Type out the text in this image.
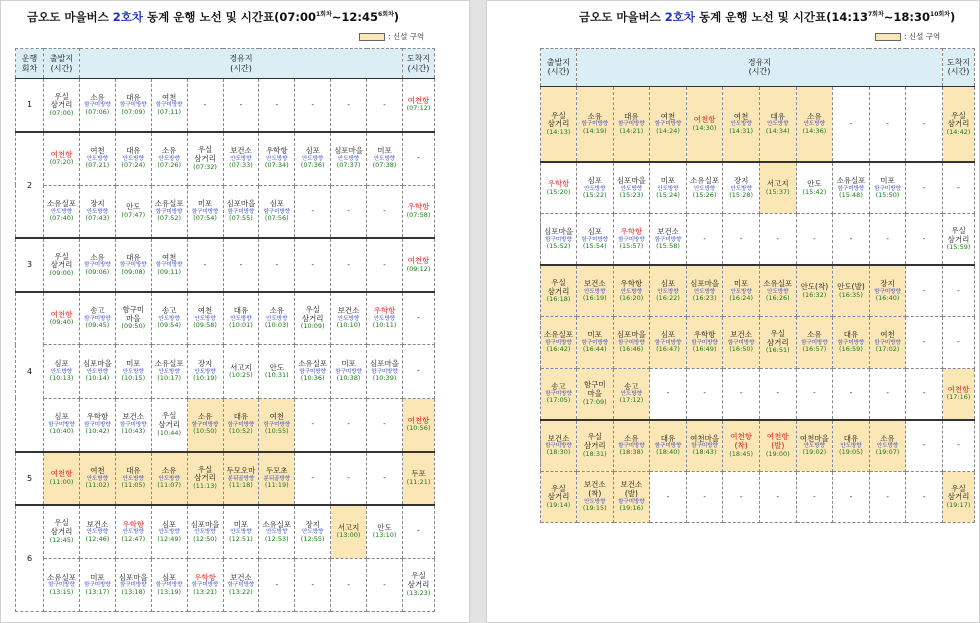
금오도 마을버스 2호차 동계 운행 노선 및 시간표$(07:00^{1회차}\sim 12:45^{6회차})$
: 신설 구역
운행
회차	출발지
(시간)	경유지
(시간)									도착지
(시간)

1	우실
삼거리
(07:00)	소유
함구미방향
(07:06)	대유
함구미방향
(07:09)	여천
함구미방향
(07:11)	-	-	-	-	-	-	여천항
(07:12)

2	여천항
(07:20)	여천
안도방향
(07:21)	대유
안도방향
(07:24)	소유
안도방향
(07:26)	우실
삼거리
(07:32)	보건소
안도방향
(07:33)	우학항
안도방향
(07:34)	심포
안도방향
(07:36)	심포마을
안도방향
(07:37)	미포
안도방향
(07:38)	-

	소유실포
안도방향
(07:40)	장지
안도방향
(07:43)	안도
(07:47)	소유실포
함구미방향
(07:52)	미포
함구미방향
(07:54)	심포마을
함구미방향
(07:55)	심포
함구미방향
(07:56)	-	-	-	우학항
(07:58)

3	우실
삼거리
(09:00)	소유
함구미방향
(09:06)	대유
함구미방향
(09:08)	여천
함구미방향
(09:11)	-	-	-	-	-	-	여천항
(09:12)

4	여천항
(09:40)	송고
함구미방향
(09:45)	함구미
마을
(09:50)	송고
안도방향
(09:54)	여천
안도방향
(09:58)	대유
안도방향
(10:01)	소유
안도방향
(10:03)	우실
삼거리
(10:09)	보건소
안도방향
(10:10)	우학항
안도방향
(10:11)	-

	심포
안도방향
(10:13)	심포마을
안도방향
(10:14)	미포
안도방향
(10:15)	소유실포
안도방향
(10:17)	장지
안도방향
(10:19)	서고지
(10:25)	안도
(10:31)	소유실포
함구미방향
(10:36)	미포
함구미방향
(10:38)	심포마을
함구미방향
(10:39)	-

	심포
함구미방향
(10:40)	우학항
함구미방향
(10:42)	보건소
함구미방향
(10:43)	우실
삼거리
(10:44)	소유
함구미방향
(10:50)	대유
함구미방향
(10:52)	여천
함구미방향
(10:55)	-	-	-	여천항
(10:56)

5	여천항
(11:00)	여천
안도방향
(11:02)	대유
안도방향
(11:05)	소유
안도방향
(11:07)	우실
삼거리
(11:13)	두모오마
분뒤골방향
(11:18)	두모초
분뒤골방향
(11:19)	-	-	-	두포
(11:21)

6	우실
삼거리
(12:45)	보건소
안도방향
(12:46)	우학항
안도방향
(12:47)	심포
안도방향
(12:49)	심포마을
안도방향
(12:50)	미포
안도방향
(12:51)	소유실포
안도방향
(12:53)	장지
안도방향
(12:55)	서고지
(13:00)	안도
(13:10)	-

	소유실포
함구미방향
(13:15)	미포
함구미방향
(13:17)	심포마을
함구미방향
(13:18)	심포
함구미방향
(13:19)	우학항
함구미방향
(13:21)	보건소
함구미방향
(13:22)	-	-	-	-	우실
삼거리
(13:23)
금오도 마을버스 2호차 동계 운행 노선 및 시간표$(14:13^{7회차}\sim 18:30^{10회차})$
: 신설 구역

출발지
(시간)	경유지
(시간)										도착지
(시간)

우실
삼거리
(14:13)	소유
함구미방향
(14:19)	대유
함구미방향
(14:21)	여천
함구미방향
(14:24)	여천항
(14:30)	여천
안도방향
(14:31)	대유
안도방향
(14:34)	소유
안도방향
(14:36)	-	-	-	우실
삼거리
(14:42)

우학항
(15:20)	심포
안도방향
(15:22)	심포마을
안도방향
(15:23)	미포
안도방향
(15:24)	소유실포
안도방향
(15:26)	장지
안도방향
(15:28)	서고지
(15:37)	안도
(15:42)	소유실포
함구미방향
(15:48)	미포
함구미방향
(15:50)	-	-

심포마을
함구미방향
(15:52)	심포
함구미방향
(15:54)	우학항
함구미방향
(15:57)	보건소
함구미방향
(15:58)	-	-	-	-	-	-	-	우실
삼거리
(15:59)

우실
삼거리
(16:18)	보건소
안도방향
(16:19)	우학항
안도방향
(16:20)	심포
안도방향
(16:22)	심포마을
안도방향
(16:23)	미포
안도방향
(16:24)	소유실포
안도방향
(16:26)	안도(착)
(16:32)	안도(발)
(16:35)	장지
함구미방향
(16:40)	-	-

소유실포
함구미방향
(16:42)	미포
함구미방향
(16:44)	심포마을
함구미방향
(16:46)	심포
함구미방향
(16:47)	우학항
함구미방향
(16:49)	보건소
함구미방향
(16:50)	우실
삼거리
(16:51)	소유
함구미방향
(16:57)	대유
함구미방향
(16:59)	여천
함구미방향
(17:02)	-	-

송고
함구미방향
(17:05)	함구미
마을
(17:09)	송고
안도방향
(17:12)	-	-	-	-	-	-	-	-	여천항
(17:16)

보건소
함구미방향
(18:30)	우실
삼거리
(18:31)	소유
함구미방향
(18:38)	대유
함구미방향
(18:40)	여천마을
함구미방향
(18:43)	여천항
(착)
(18:45)	여천항
(발)
(19:00)	여천마을
안도방향
(19:02)	대유
안도방향
(19:05)	소유
안도방향
(19:07)	-	-

우실
삼거리
(19:14)	보건소
(착)
안도방향
(19:15)	보건소
(발)
함구미방향
(19:16)	-	-	-	-	-	-	-	-	우실
삼거리
(19:17)
